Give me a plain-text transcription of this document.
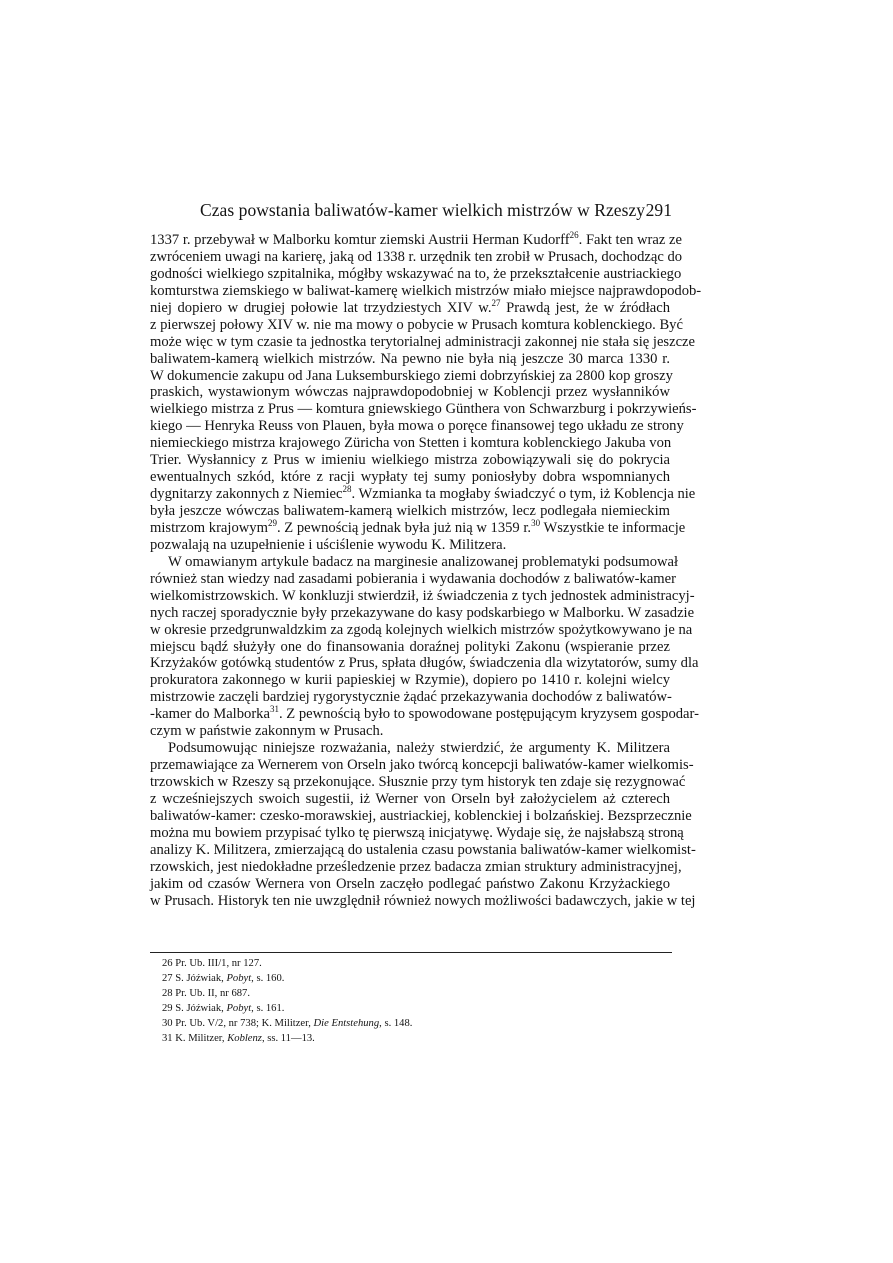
Czas powstania baliwatów-kamer wielkich mistrzów w Rzeszy 291
1337 r. przebywał w Malborku komtur ziemski Austrii Herman Kudorff$^{26}$. Fakt ten wraz ze
zwróceniem uwagi na karierę, jaką od 1338 r. urzędnik ten zrobił w Prusach, dochodząc do
godności wielkiego szpitalnika, mógłby wskazywać na to, że przekształcenie austriackiego
komturstwa ziemskiego w baliwat-kamerę wielkich mistrzów miało miejsce najprawdopodob-
niej dopiero w drugiej połowie lat trzydziestych XIV w.$^{27}$ Prawdą jest, że w źródłach
z pierwszej połowy XIV w. nie ma mowy o pobycie w Prusach komtura koblenckiego. Być
może więc w tym czasie ta jednostka terytorialnej administracji zakonnej nie stała się jeszcze
baliwatem-kamerą wielkich mistrzów. Na pewno nie była nią jeszcze 30 marca 1330 r.
W dokumencie zakupu od Jana Luksemburskiego ziemi dobrzyńskiej za 2800 kop groszy
praskich, wystawionym wówczas najprawdopodobniej w Koblencji przez wysłanników
wielkiego mistrza z Prus — komtura gniewskiego Günthera von Schwarzburg i pokrzywieńs-
kiego — Henryka Reuss von Plauen, była mowa o poręce finansowej tego układu ze strony
niemieckiego mistrza krajowego Züricha von Stetten i komtura koblenckiego Jakuba von
Trier. Wysłannicy z Prus w imieniu wielkiego mistrza zobowiązywali się do pokrycia
ewentualnych szkód, które z racji wypłaty tej sumy poniosłyby dobra wspomnianych
dygnitarzy zakonnych z Niemiec$^{28}$. Wzmianka ta mogłaby świadczyć o tym, iż Koblencja nie
była jeszcze wówczas baliwatem-kamerą wielkich mistrzów, lecz podlegała niemieckim
mistrzom krajowym$^{29}$. Z pewnością jednak była już nią w 1359 r.$^{30}$ Wszystkie te informacje
pozwalają na uzupełnienie i uściślenie wywodu K. Militzera.
W omawianym artykule badacz na marginesie analizowanej problematyki podsumował
również stan wiedzy nad zasadami pobierania i wydawania dochodów z baliwatów-kamer
wielkomistrzowskich. W konkluzji stwierdził, iż świadczenia z tych jednostek administracyj-
nych raczej sporadycznie były przekazywane do kasy podskarbiego w Malborku. W zasadzie
w okresie przedgrunwaldzkim za zgodą kolejnych wielkich mistrzów spożytkowywano je na
miejscu bądź służyły one do finansowania doraźnej polityki Zakonu (wspieranie przez
Krzyżaków gotówką studentów z Prus, spłata długów, świadczenia dla wizytatorów, sumy dla
prokuratora zakonnego w kurii papieskiej w Rzymie), dopiero po 1410 r. kolejni wielcy
mistrzowie zaczęli bardziej rygorystycznie żądać przekazywania dochodów z baliwatów-
-kamer do Malborka$^{31}$. Z pewnością było to spowodowane postępującym kryzysem gospodar-
czym w państwie zakonnym w Prusach.
Podsumowując niniejsze rozważania, należy stwierdzić, że argumenty K. Militzera
przemawiające za Wernerem von Orseln jako twórcą koncepcji baliwatów-kamer wielkomis-
trzowskich w Rzeszy są przekonujące. Słusznie przy tym historyk ten zdaje się rezygnować
z wcześniejszych swoich sugestii, iż Werner von Orseln był założycielem aż czterech
baliwatów-kamer: czesko-morawskiej, austriackiej, koblenckiej i bolzańskiej. Bezsprzecznie
można mu bowiem przypisać tylko tę pierwszą inicjatywę. Wydaje się, że najsłabszą stroną
analizy K. Militzera, zmierzającą do ustalenia czasu powstania baliwatów-kamer wielkomist-
rzowskich, jest niedokładne prześledzenie przez badacza zmian struktury administracyjnej,
jakim od czasów Wernera von Orseln zaczęło podlegać państwo Zakonu Krzyżackiego
w Prusach. Historyk ten nie uwzględnił również nowych możliwości badawczych, jakie w tej
26 Pr. Ub. III/1, nr 127.
27 S. Jóźwiak, Pobyt, s. 160.
28 Pr. Ub. II, nr 687.
29 S. Jóźwiak, Pobyt, s. 161.
30 Pr. Ub. V/2, nr 738; K. Militzer, Die Entstehung, s. 148.
31 K. Militzer, Koblenz, ss. 11—13.
